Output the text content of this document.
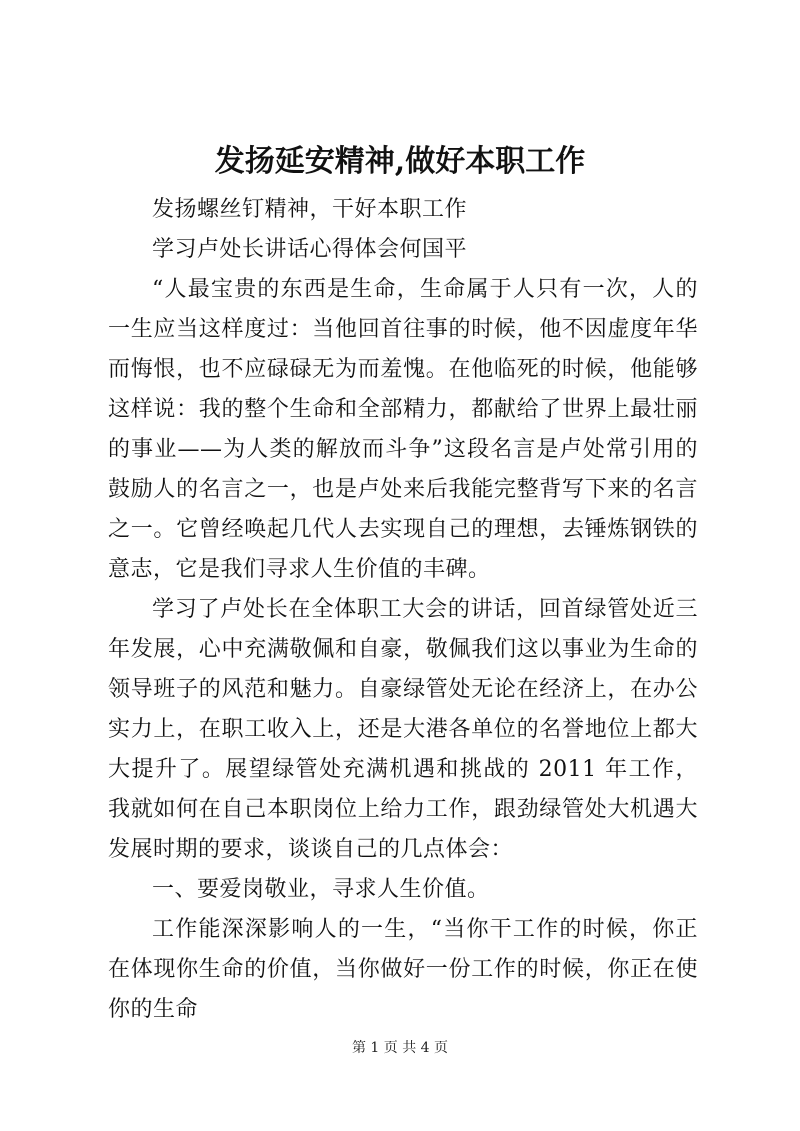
发扬延安精神,做好本职工作

发扬螺丝钉精神，干好本职工作

学习卢处长讲话心得体会何国平

“人最宝贵的东西是生命，生命属于人只有一次，人的一生应当这样度过：当他回首往事的时候，他不因虚度年华而悔恨，也不应碌碌无为而羞愧。在他临死的时候，他能够这样说：我的整个生命和全部精力，都献给了世界上最壮丽的事业——为人类的解放而斗争”这段名言是卢处常引用的鼓励人的名言之一，也是卢处来后我能完整背写下来的名言之一。它曾经唤起几代人去实现自己的理想，去锤炼钢铁的意志，它是我们寻求人生价值的丰碑。

学习了卢处长在全体职工大会的讲话，回首绿管处近三年发展，心中充满敬佩和自豪，敬佩我们这以事业为生命的领导班子的风范和魅力。自豪绿管处无论在经济上，在办公实力上，在职工收入上，还是大港各单位的名誉地位上都大大提升了。展望绿管处充满机遇和挑战的 2011 年工作，我就如何在自己本职岗位上给力工作，跟劲绿管处大机遇大发展时期的要求，谈谈自己的几点体会：

一、要爱岗敬业，寻求人生价值。

工作能深深影响人的一生，“当你干工作的时候，你正在体现你生命的价值，当你做好一份工作的时候，你正在使你的生命

第 1 页 共 4 页
